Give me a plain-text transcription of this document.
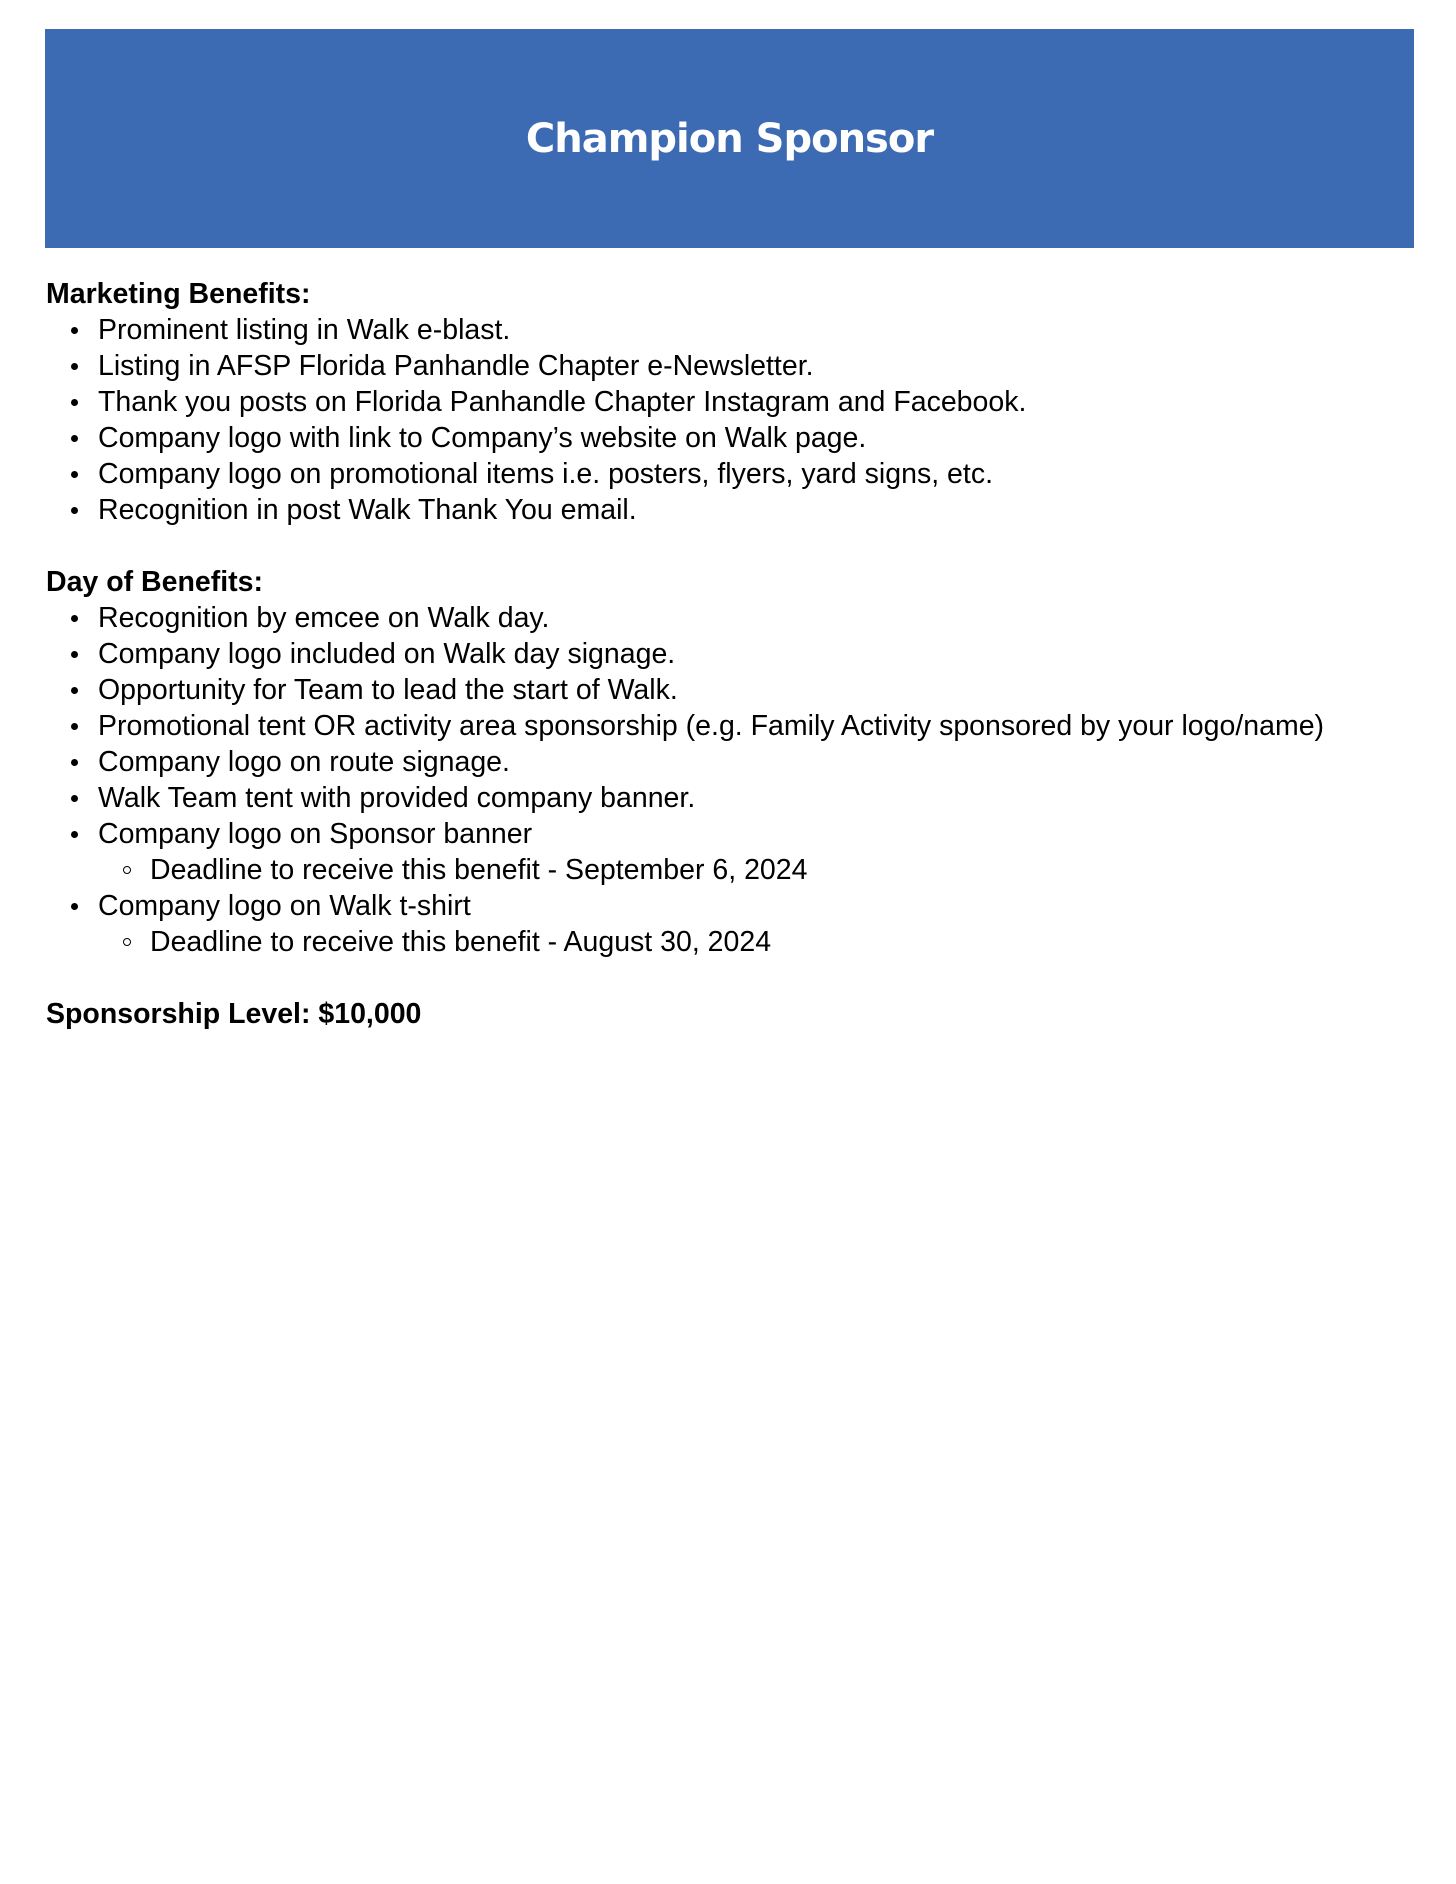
Champion Sponsor

Marketing Benefits:

Prominent listing in Walk e-blast.
Listing in AFSP Florida Panhandle Chapter e-Newsletter.
Thank you posts on Florida Panhandle Chapter Instagram and Facebook.
Company logo with link to Company’s website on Walk page.
Company logo on promotional items i.e. posters, flyers, yard signs, etc.
Recognition in post Walk Thank You email.

Day of Benefits:

Recognition by emcee on Walk day.
Company logo included on Walk day signage.
Opportunity for Team to lead the start of Walk.
Promotional tent OR activity area sponsorship (e.g. Family Activity sponsored by your logo/name)
Company logo on route signage.
Walk Team tent with provided company banner.
Company logo on Sponsor banner
Deadline to receive this benefit - September 6, 2024
Company logo on Walk t-shirt
Deadline to receive this benefit - August 30, 2024

Sponsorship Level: $10,000
